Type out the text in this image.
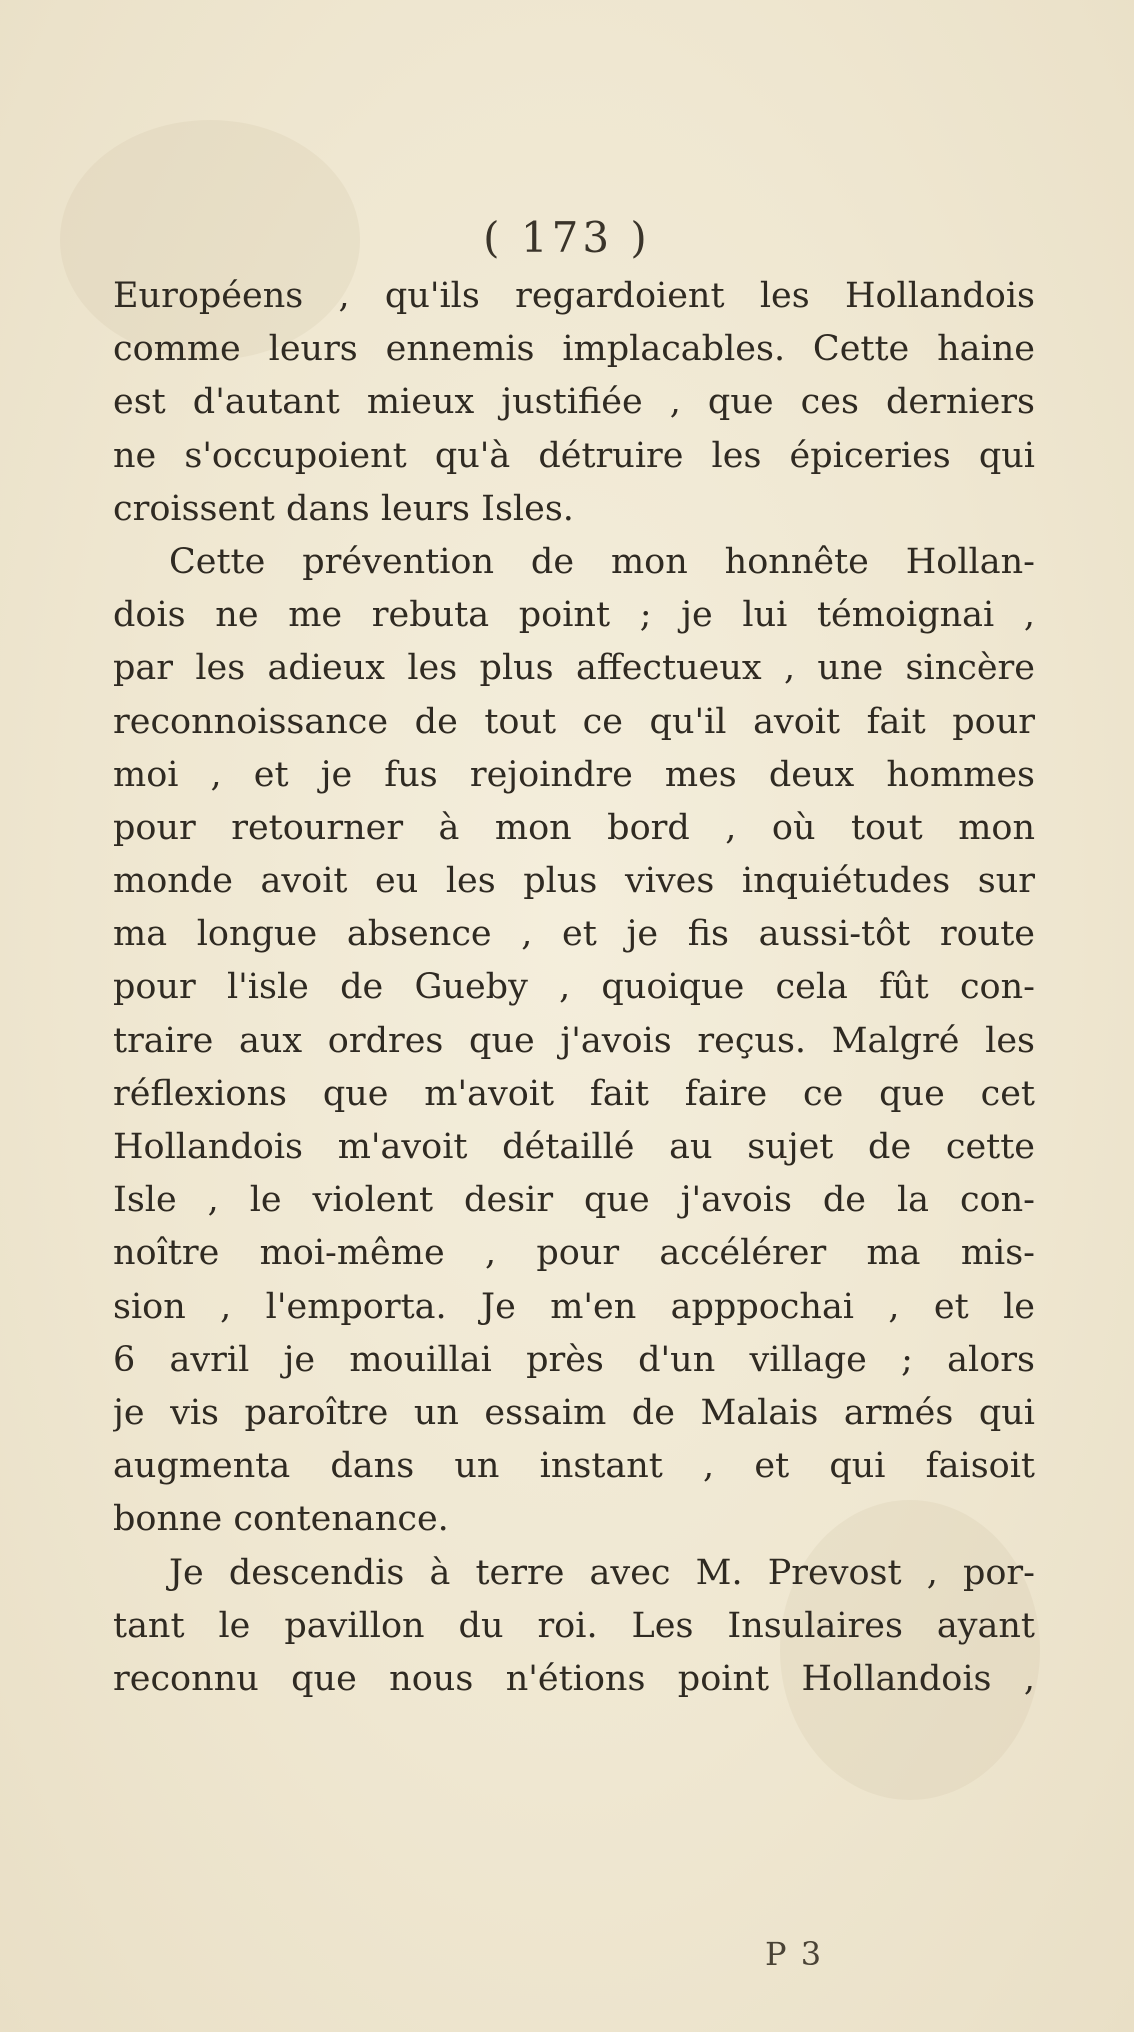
( 173 )
Européens , qu'ils regardoient les Hollandois
comme leurs ennemis implacables. Cette haine
est d'autant mieux justifiée , que ces derniers
ne s'occupoient qu'à détruire les épiceries qui
croissent dans leurs Isles.
Cette prévention de mon honnête Hollan-
dois ne me rebuta point ; je lui témoignai ,
par les adieux les plus affectueux , une sincère
reconnoissance de tout ce qu'il avoit fait pour
moi , et je fus rejoindre mes deux hommes
pour retourner à mon bord , où tout mon
monde avoit eu les plus vives inquiétudes sur
ma longue absence , et je fis aussi-tôt route
pour l'isle de Gueby , quoique cela fût con-
traire aux ordres que j'avois reçus. Malgré les
réflexions que m'avoit fait faire ce que cet
Hollandois m'avoit détaillé au sujet de cette
Isle , le violent desir que j'avois de la con-
noître moi-même , pour accélérer ma mis-
sion , l'emporta. Je m'en apppochai , et le
6 avril je mouillai près d'un village ; alors
je vis paroître un essaim de Malais armés qui
augmenta dans un instant , et qui faisoit
bonne contenance.
Je descendis à terre avec M. Prevost , por-
tant le pavillon du roi. Les Insulaires ayant
reconnu que nous n'étions point Hollandois ,
P 3
